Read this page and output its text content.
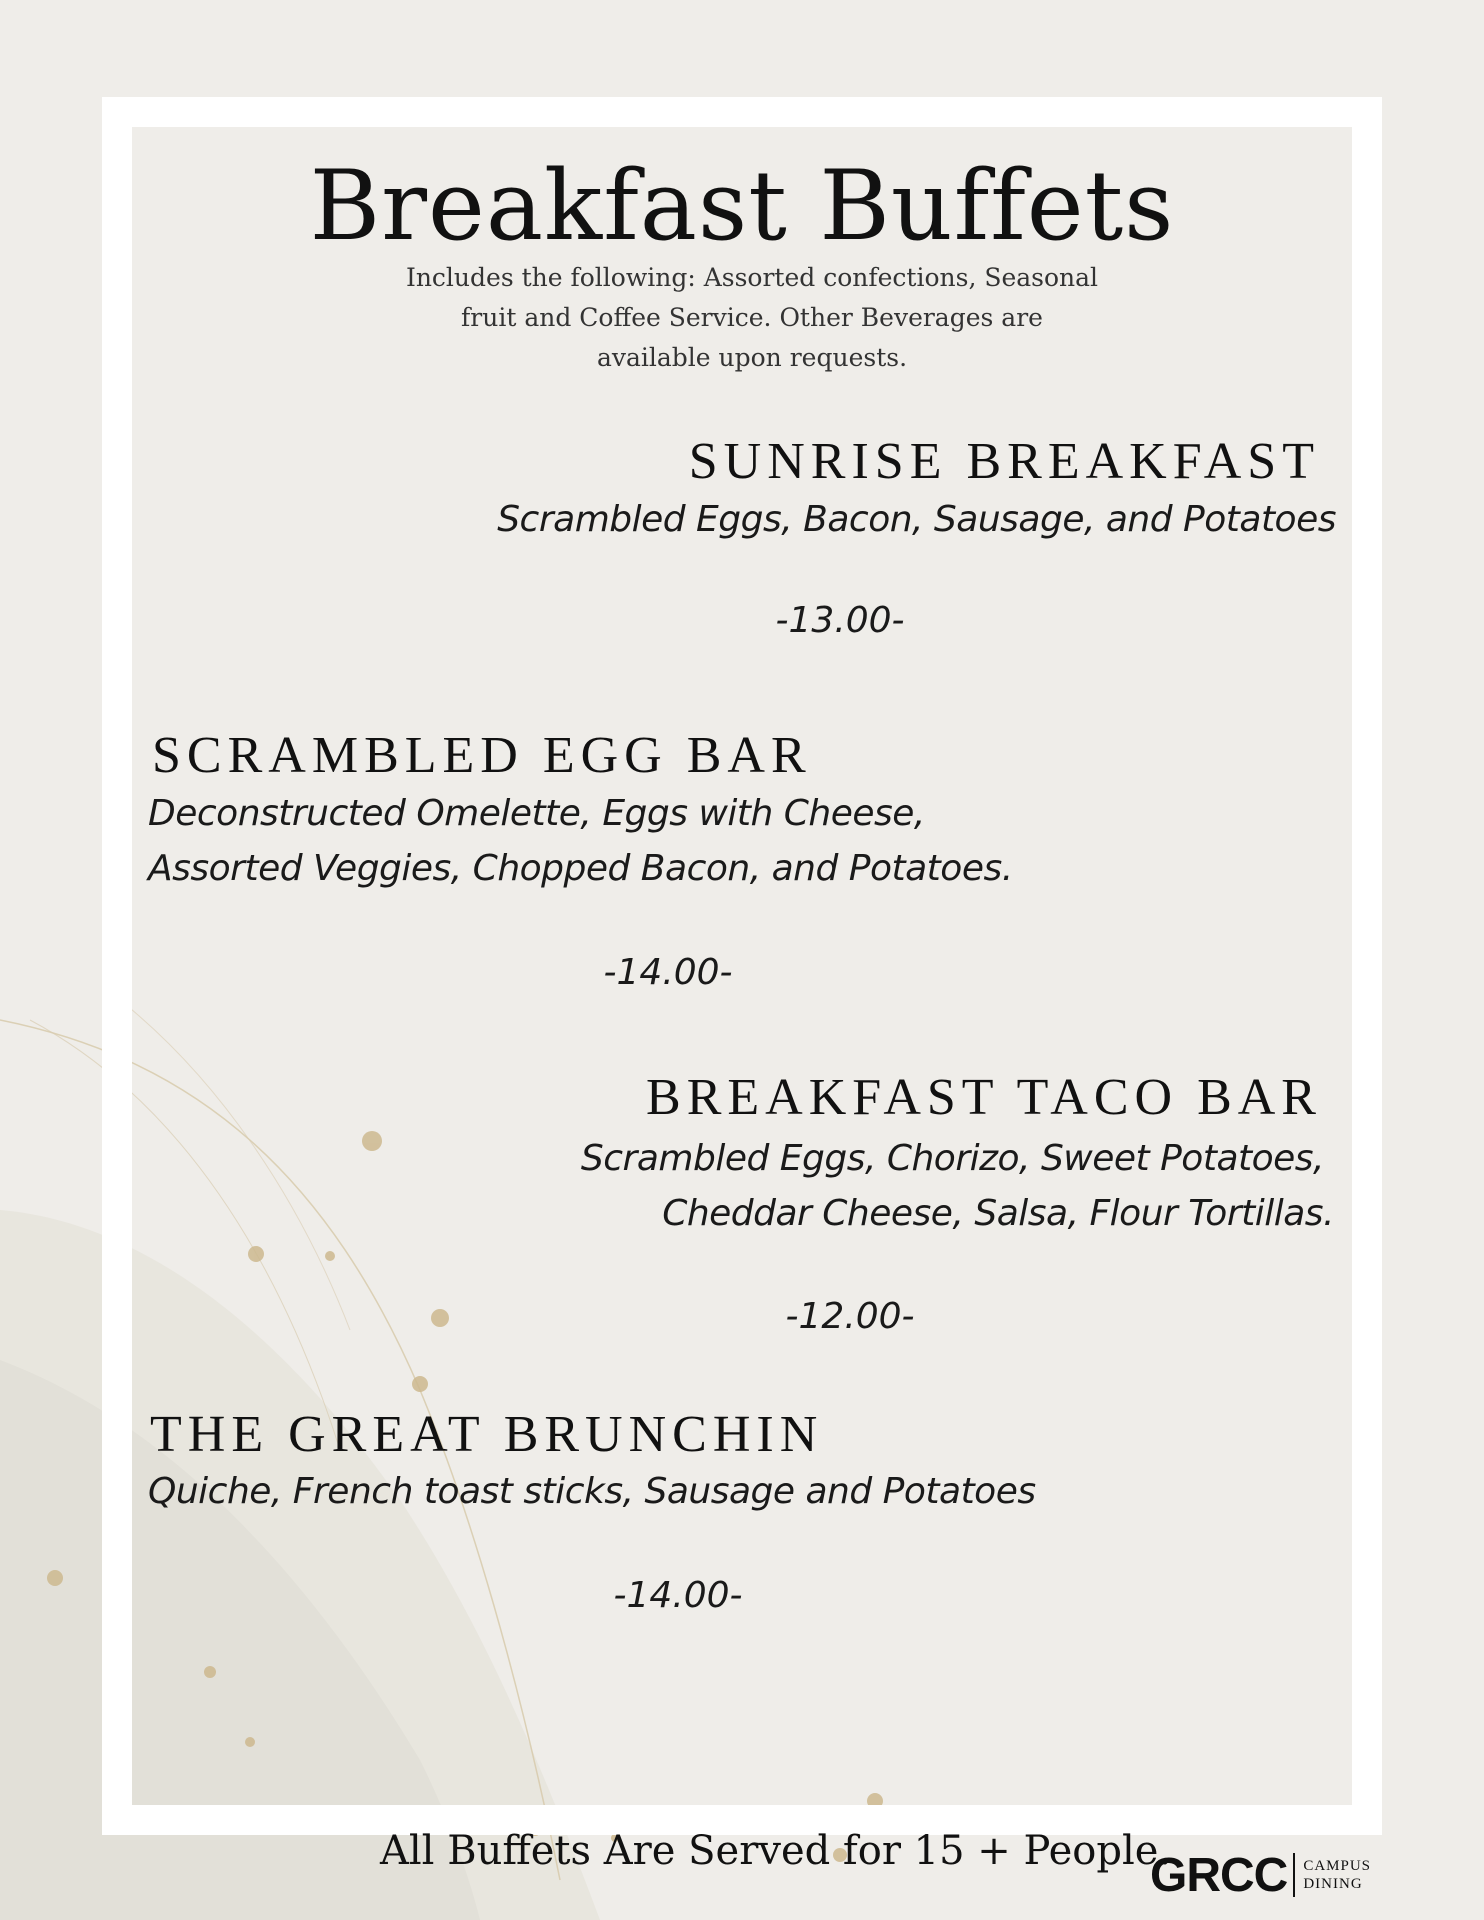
Breakfast Buffets
Includes the following: Assorted confections, Seasonal
fruit and Coffee Service. Other Beverages are
available upon requests.
SUNRISE BREAKFAST

Scrambled Eggs, Bacon, Sausage, and Potatoes

-13.00-

SCRAMBLED EGG BAR

Deconstructed Omelette, Eggs with Cheese,

Assorted Veggies, Chopped Bacon, and Potatoes.

-14.00-

BREAKFAST TACO BAR

Scrambled Eggs, Chorizo, Sweet Potatoes,

Cheddar Cheese, Salsa, Flour Tortillas.

-12.00-

THE GREAT BRUNCHIN

Quiche, French toast sticks, Sausage and Potatoes

-14.00-

All Buffets Are Served for 15 + People.

GRCC CAMPUS
DINING
